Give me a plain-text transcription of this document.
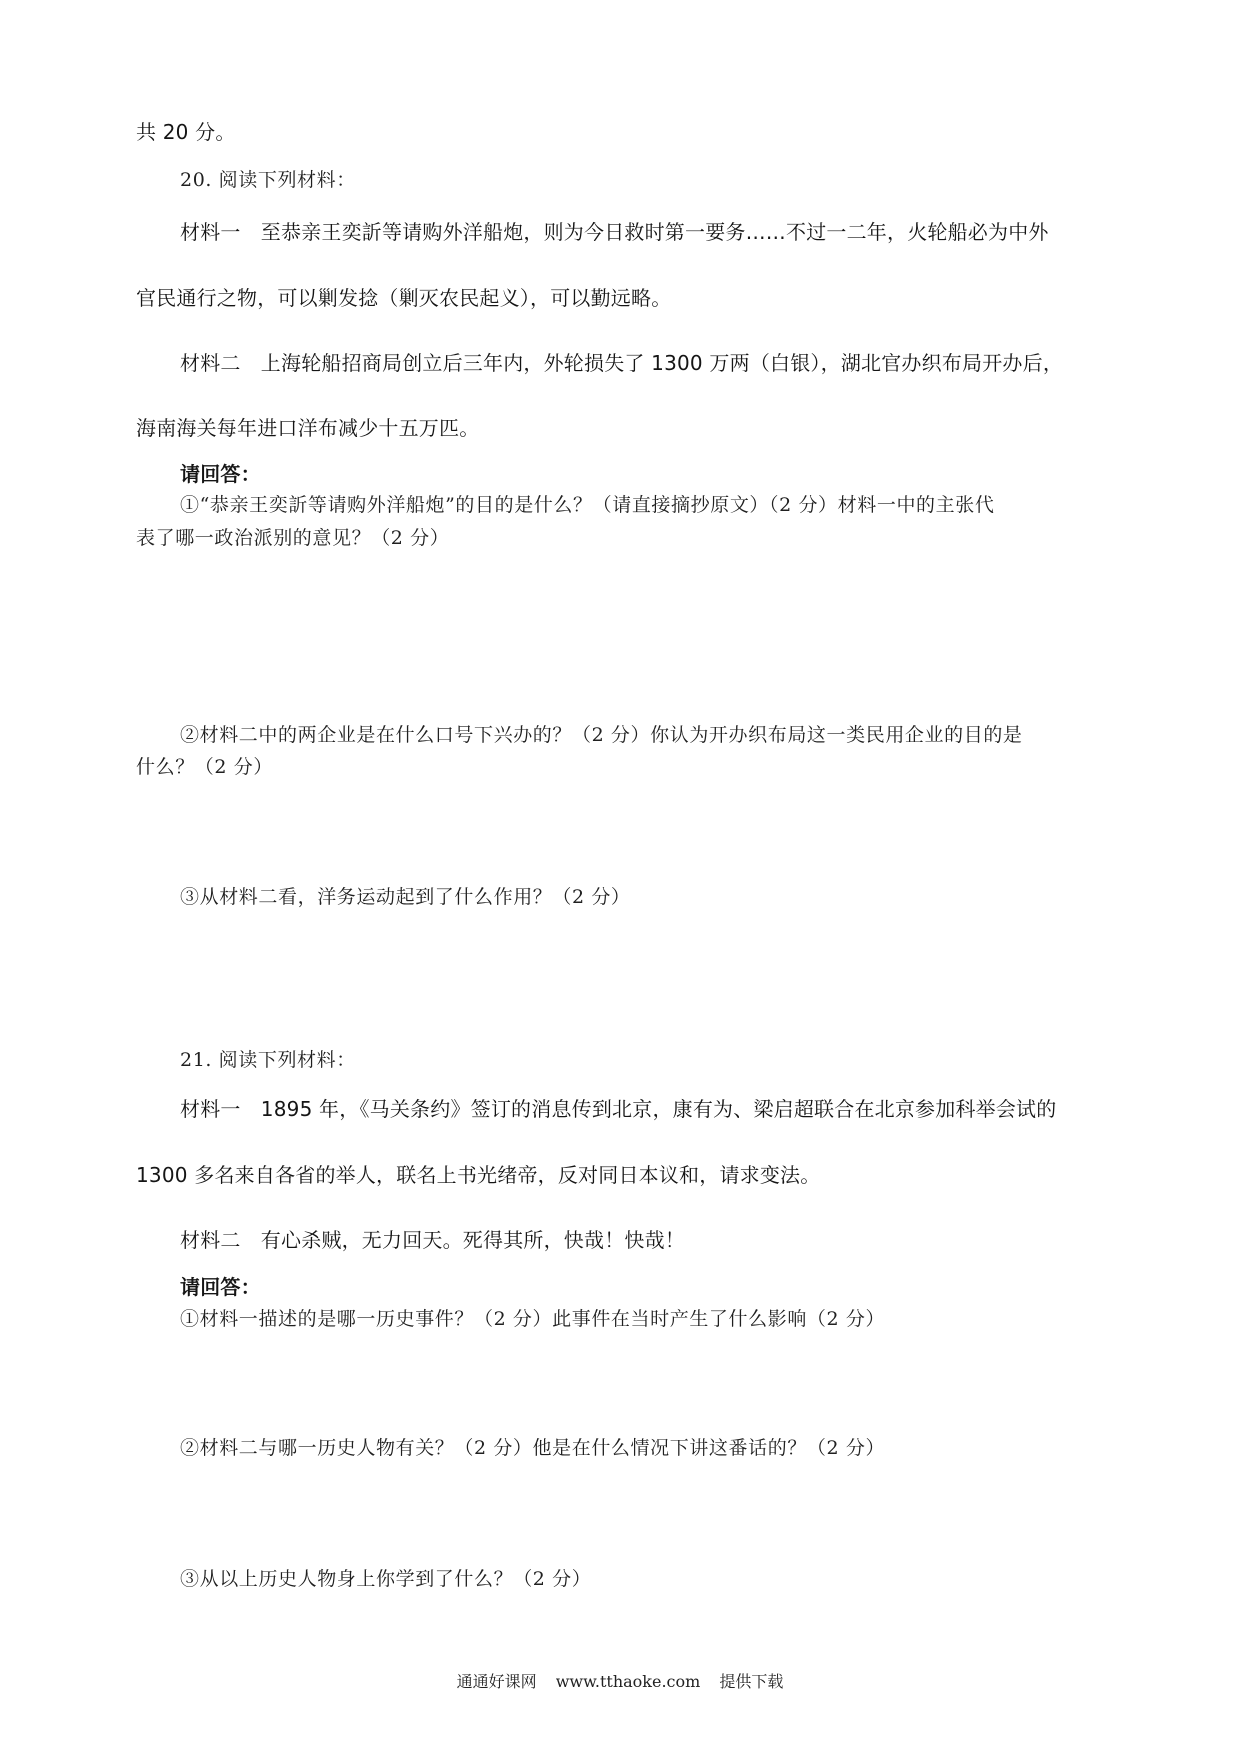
共 20 分。

20. 阅读下列材料：

材料一　至恭亲王奕訢等请购外洋船炮，则为今日救时第一要务……不过一二年，火轮船必为中外

官民通行之物，可以剿发捻（剿灭农民起义），可以勤远略。

材料二　上海轮船招商局创立后三年内，外轮损失了 1300 万两（白银），湖北官办织布局开办后，

海南海关每年进口洋布减少十五万匹。

请回答：

①“恭亲王奕訢等请购外洋船炮”的目的是什么？（请直接摘抄原文）（2 分）材料一中的主张代

表了哪一政治派别的意见？（2 分）

②材料二中的两企业是在什么口号下兴办的？（2 分）你认为开办织布局这一类民用企业的目的是

什么？（2 分）

③从材料二看，洋务运动起到了什么作用？（2 分）

21. 阅读下列材料：

材料一　1895 年，《马关条约》签订的消息传到北京，康有为、梁启超联合在北京参加科举会试的

1300 多名来自各省的举人，联名上书光绪帝，反对同日本议和，请求变法。

材料二　有心杀贼，无力回天。死得其所，快哉！快哉！

请回答：

①材料一描述的是哪一历史事件？（2 分）此事件在当时产生了什么影响（2 分）

②材料二与哪一历史人物有关？（2 分）他是在什么情况下讲这番话的？（2 分）

③从以上历史人物身上你学到了什么？（2 分）

通通好课网 www.tthaoke.com 提供下载
